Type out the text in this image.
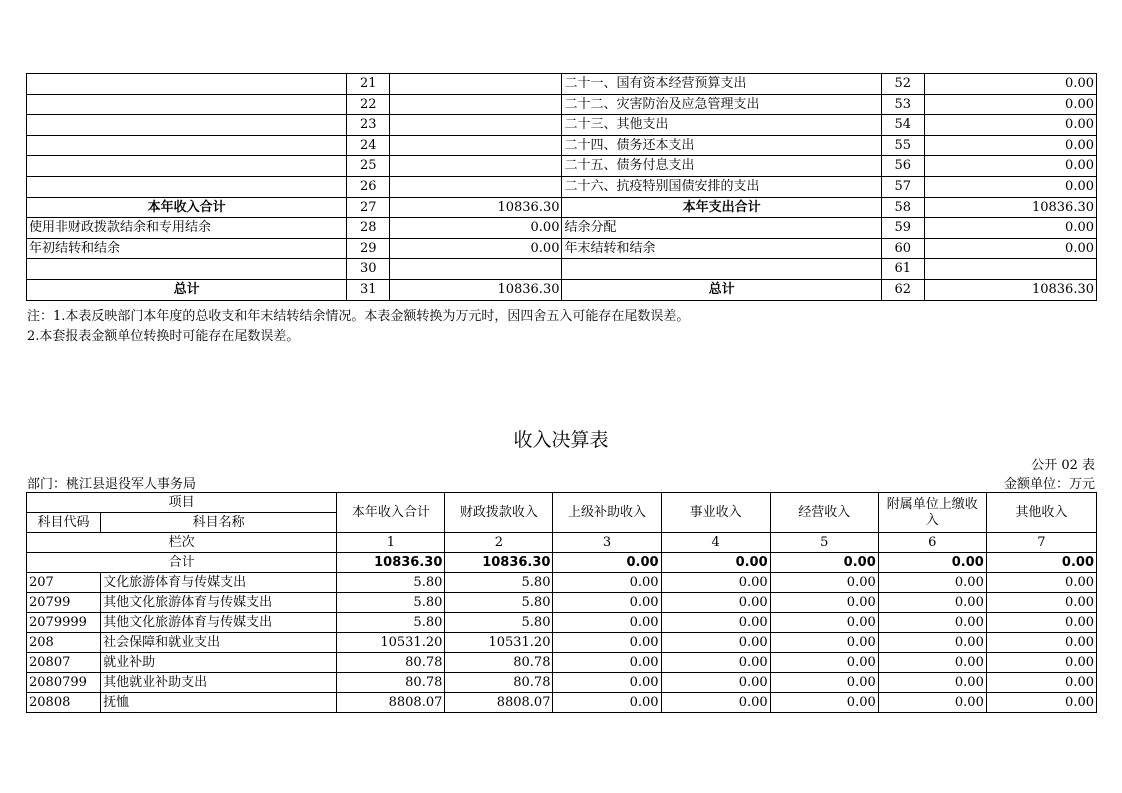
	21		二十一、国有资本经营预算支出	52	0.00
	22		二十二、灾害防治及应急管理支出	53	0.00
	23		二十三、其他支出	54	0.00
	24		二十四、债务还本支出	55	0.00
	25		二十五、债务付息支出	56	0.00
	26		二十六、抗疫特别国债安排的支出	57	0.00
本年收入合计	27	10836.30	本年支出合计	58	10836.30
使用非财政拨款结余和专用结余	28	0.00	结余分配	59	0.00
年初结转和结余	29	0.00	年末结转和结余	60	0.00
	30			61	
总计	31	10836.30	总计	62	10836.30
注：1.本表反映部门本年度的总收支和年末结转结余情况。本表金额转换为万元时，因四舍五入可能存在尾数误差。
2.本套报表金额单位转换时可能存在尾数误差。
收入决算表
公开 02 表
部门：桃江县退役军人事务局	金额单位：万元
项目		本年收入合计	财政拨款收入	上级补助收入	事业收入	经营收入	附属单位上缴收入	其他收入
科目代码	科目名称							
栏次		1	2	3	4	5	6	7
合计		10836.30	10836.30	0.00	0.00	0.00	0.00	0.00
207	文化旅游体育与传媒支出	5.80	5.80	0.00	0.00	0.00	0.00	0.00
20799	其他文化旅游体育与传媒支出	5.80	5.80	0.00	0.00	0.00	0.00	0.00
2079999	其他文化旅游体育与传媒支出	5.80	5.80	0.00	0.00	0.00	0.00	0.00
208	社会保障和就业支出	10531.20	10531.20	0.00	0.00	0.00	0.00	0.00
20807	就业补助	80.78	80.78	0.00	0.00	0.00	0.00	0.00
2080799	其他就业补助支出	80.78	80.78	0.00	0.00	0.00	0.00	0.00
20808	抚恤	8808.07	8808.07	0.00	0.00	0.00	0.00	0.00
